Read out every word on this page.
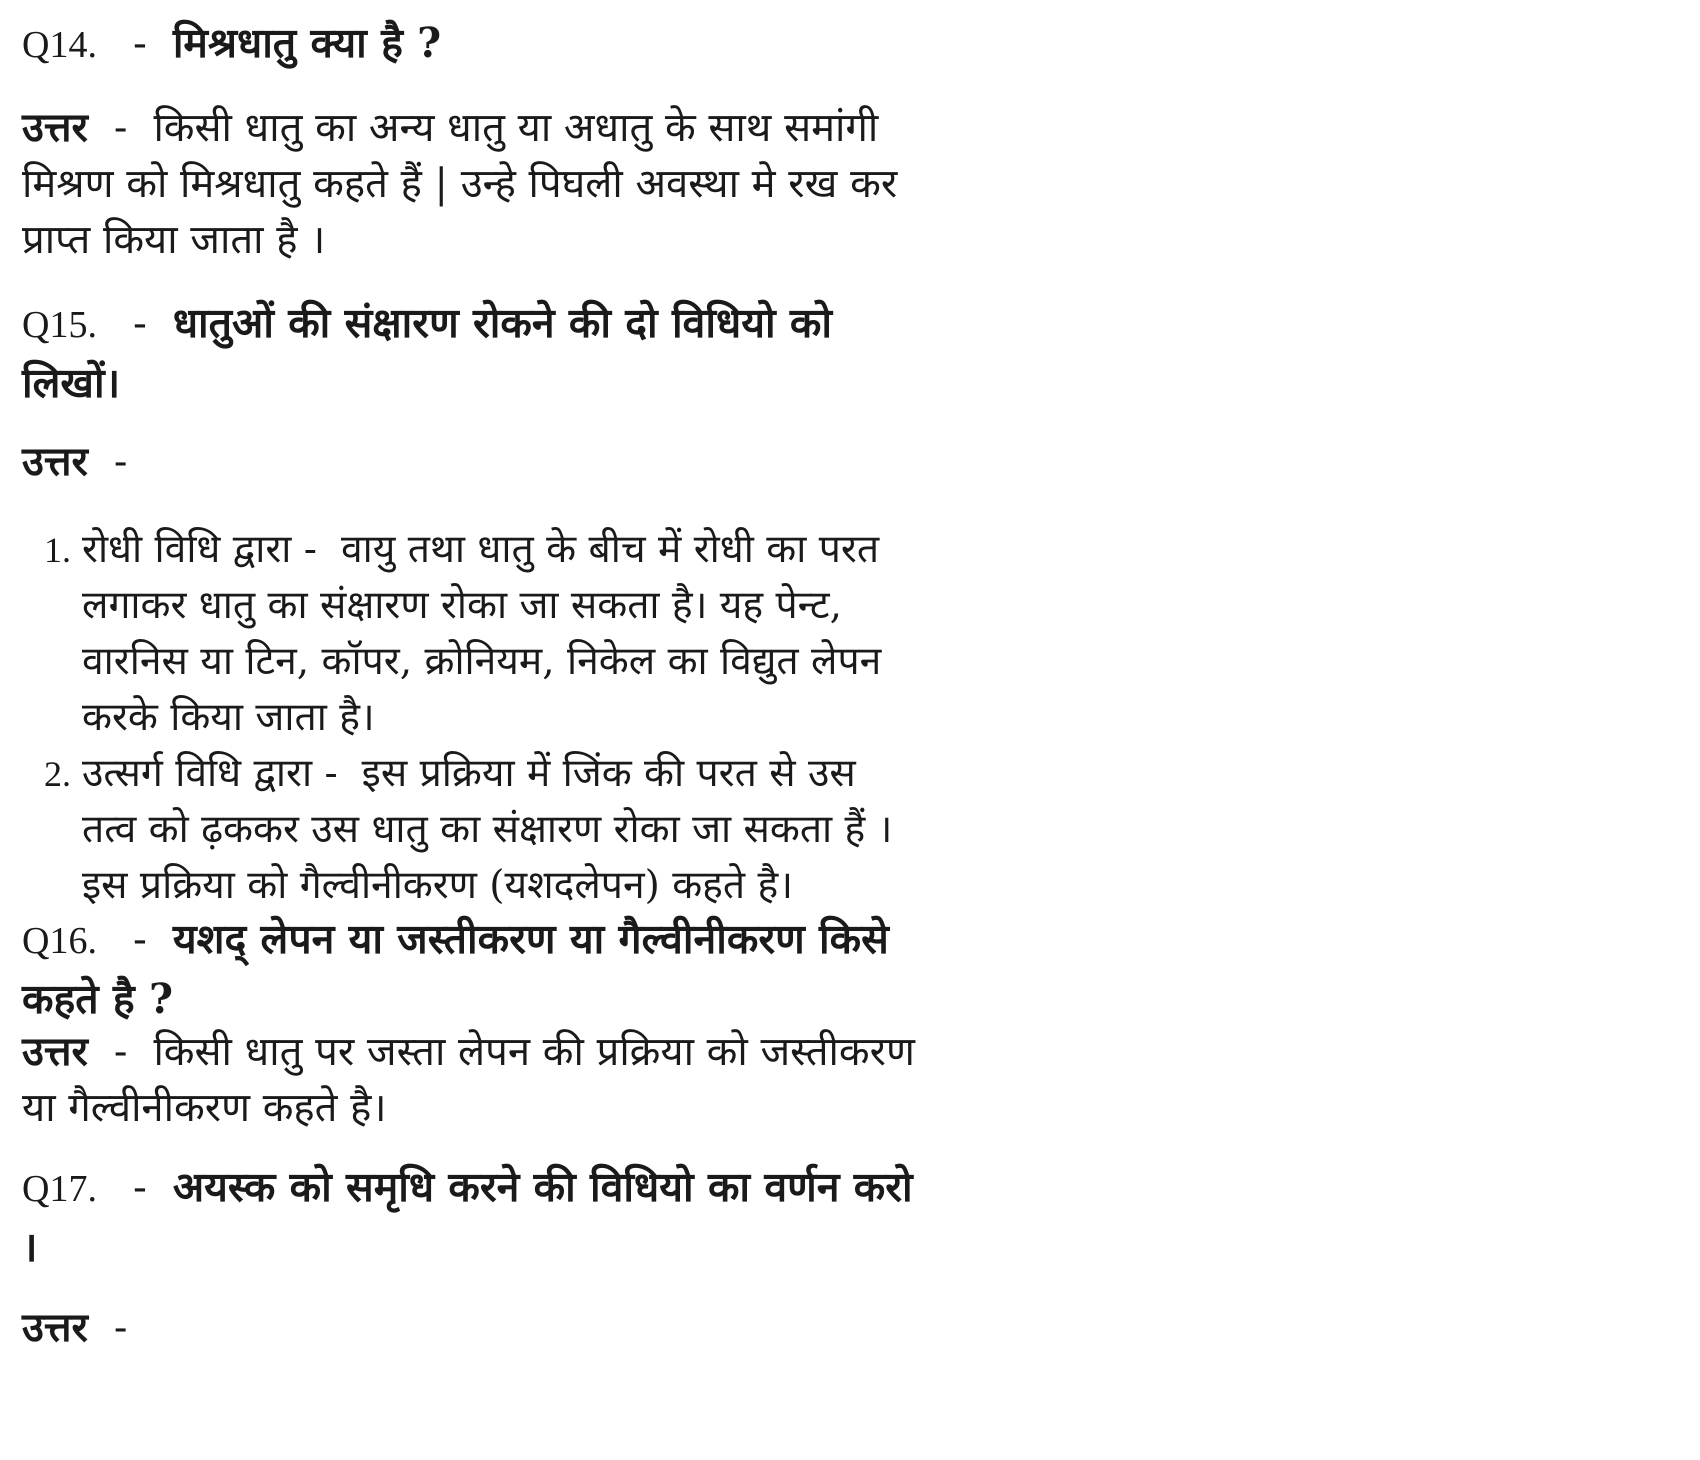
Q14. - मिश्रधातु क्या है ?
उत्तर - किसी धातु का अन्य धातु या अधातु के साथ समांगी
मिश्रण को मिश्रधातु कहते हैं | उन्हे पिघली अवस्था मे रख कर
प्राप्त किया जाता है ।
Q15. - धातुओं की संक्षारण रोकने की दो विधियो को
लिखों।
उत्तर -
1. रोधी विधि द्वारा - वायु तथा धातु के बीच में रोधी का परत
लगाकर धातु का संक्षारण रोका जा सकता है। यह पेन्ट,
वारनिस या टिन, कॉपर, क्रोनियम, निकेल का विद्युत लेपन
करके किया जाता है।
2. उत्सर्ग विधि द्वारा - इस प्रक्रिया में जिंक की परत से उस
तत्व को ढ़ककर उस धातु का संक्षारण रोका जा सकता हैं ।
इस प्रक्रिया को गैल्वीनीकरण (यशदलेपन) कहते है।
Q16. - यशद् लेपन या जस्तीकरण या गैल्वीनीकरण किसे
कहते है ?
उत्तर - किसी धातु पर जस्ता लेपन की प्रक्रिया को जस्तीकरण
या गैल्वीनीकरण कहते है।
Q17. - अयस्क को समृधि करने की विधियो का वर्णन करो
।
उत्तर -
